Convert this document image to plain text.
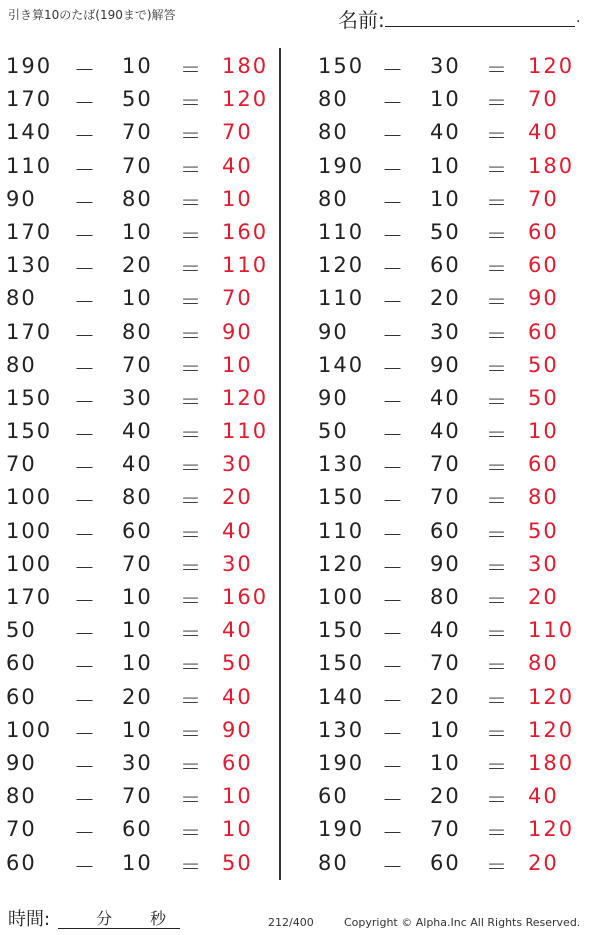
引き算10のたば(190まで)解答	名前:	.
190 － 10 ＝ 180
170 － 50 ＝ 120
140 － 70 ＝ 70
110 － 70 ＝ 40
90 － 80 ＝ 10
170 － 10 ＝ 160
130 － 20 ＝ 110
80 － 10 ＝ 70
170 － 80 ＝ 90
80 － 70 ＝ 10
150 － 30 ＝ 120
150 － 40 ＝ 110
70 － 40 ＝ 30
100 － 80 ＝ 20
100 － 60 ＝ 40
100 － 70 ＝ 30
170 － 10 ＝ 160
50 － 10 ＝ 40
60 － 10 ＝ 50
60 － 20 ＝ 40
100 － 10 ＝ 90
90 － 30 ＝ 60
80 － 70 ＝ 10
70 － 60 ＝ 10
60 － 10 ＝ 50
150 － 30 ＝ 120
80 － 10 ＝ 70
80 － 40 ＝ 40
190 － 10 ＝ 180
80 － 10 ＝ 70
110 － 50 ＝ 60
120 － 60 ＝ 60
110 － 20 ＝ 90
90 － 30 ＝ 60
140 － 90 ＝ 50
90 － 40 ＝ 50
50 － 40 ＝ 10
130 － 70 ＝ 60
150 － 70 ＝ 80
110 － 60 ＝ 50
120 － 90 ＝ 30
100 － 80 ＝ 20
150 － 40 ＝ 110
150 － 70 ＝ 80
140 － 20 ＝ 120
130 － 10 ＝ 120
190 － 10 ＝ 180
60 － 20 ＝ 40
190 － 70 ＝ 120
80 － 60 ＝ 20
時間:	分 秒	212/400	Copyright © Alpha.Inc All Rights Reserved.
